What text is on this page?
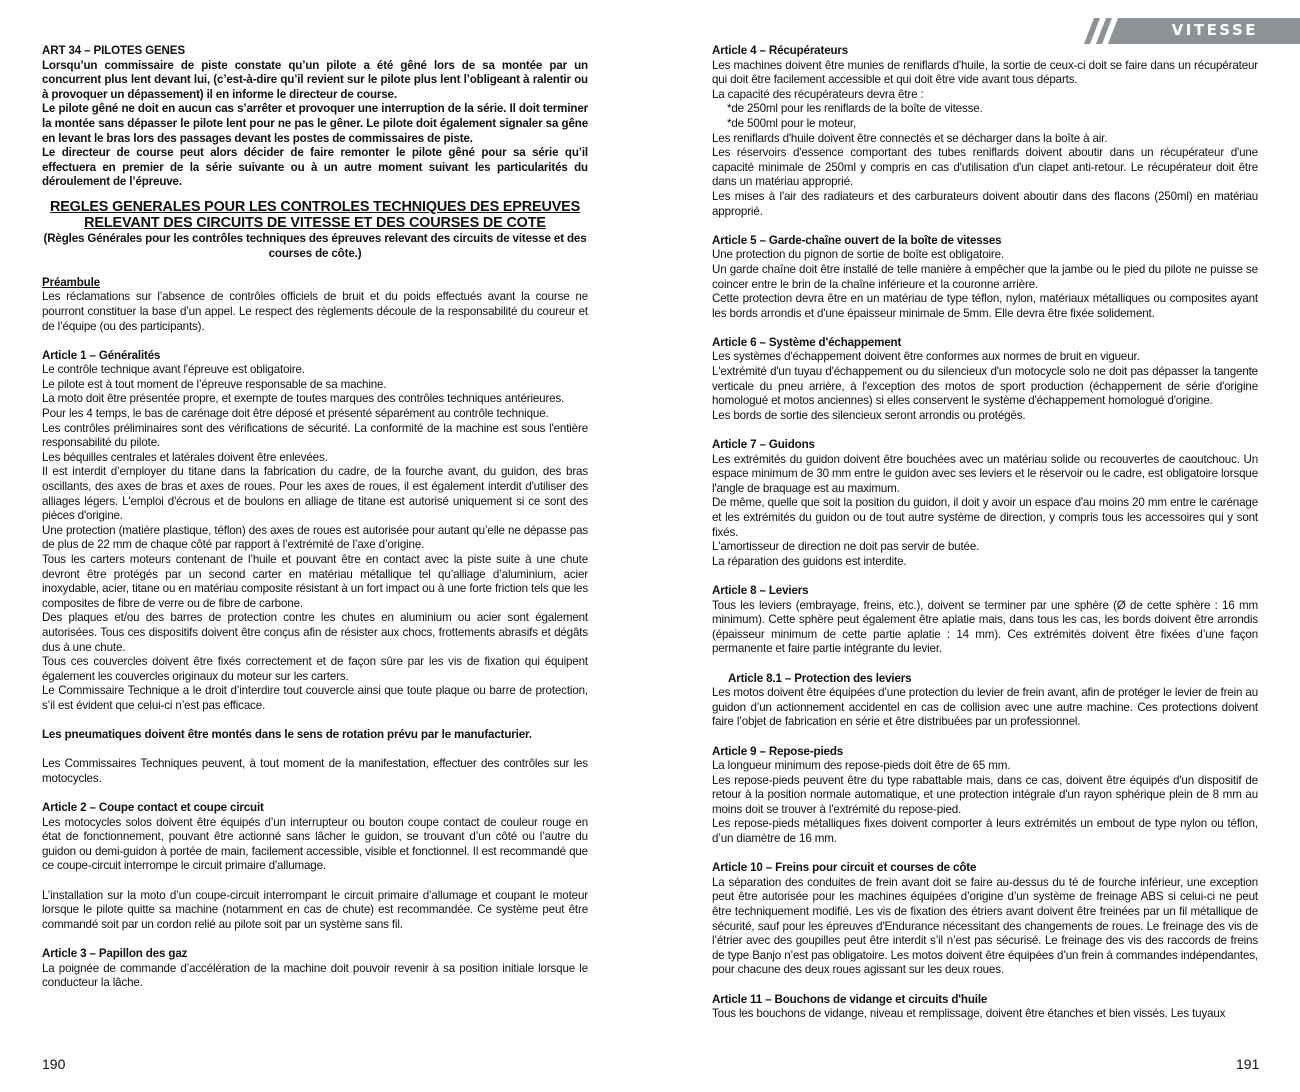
VITESSE

ART 34 – PILOTES GENES

Lorsqu’un commissaire de piste constate qu’un pilote a été gêné lors de sa montée par un concurrent plus lent devant lui, (c’est-à-dire qu’il revient sur le pilote plus lent l’obligeant à ralentir ou à provoquer un dépassement) il en informe le directeur de course.

Le pilote gêné ne doit en aucun cas s’arrêter et provoquer une interruption de la série. Il doit terminer la montée sans dépasser le pilote lent pour ne pas le gêner. Le pilote doit également signaler sa gêne en levant le bras lors des passages devant les postes de commissaires de piste.

Le directeur de course peut alors décider de faire remonter le pilote gêné pour sa série qu’il effectuera en premier de la série suivante ou à un autre moment suivant les particularités du déroulement de l’épreuve.

REGLES GENERALES POUR LES CONTROLES TECHNIQUES DES EPREUVES RELEVANT DES CIRCUITS DE VITESSE ET DES COURSES DE COTE
(Règles Générales pour les contrôles techniques des épreuves relevant des circuits de vitesse et des courses de côte.)

Préambule

Les réclamations sur l’absence de contrôles officiels de bruit et du poids effectués avant la course ne pourront constituer la base d’un appel. Le respect des règlements découle de la responsabilité du coureur et de l’équipe (ou des participants).

Article 1 – Généralités

Le contrôle technique avant l'épreuve est obligatoire.

Le pilote est à tout moment de l’épreuve responsable de sa machine.

La moto doit être présentée propre, et exempte de toutes marques des contrôles techniques antérieures.

Pour les 4 temps, le bas de carénage doit être déposé et présenté séparément au contrôle technique.

Les contrôles préliminaires sont des vérifications de sécurité. La conformité de la machine est sous l'entière responsabilité du pilote.

Les béquilles centrales et latérales doivent être enlevées.

Il est interdit d’employer du titane dans la fabrication du cadre, de la fourche avant, du guidon, des bras oscillants, des axes de bras et axes de roues. Pour les axes de roues, il est également interdit d'utiliser des alliages légers. L'emploi d'écrous et de boulons en alliage de titane est autorisé uniquement si ce sont des pièces d'origine.

Une protection (matière plastique, téflon) des axes de roues est autorisée pour autant qu’elle ne dépasse pas de plus de 22 mm de chaque côté par rapport à l’extrémité de l’axe d’origine.

Tous les carters moteurs contenant de l’huile et pouvant être en contact avec la piste suite à une chute devront être protégés par un second carter en matériau métallique tel qu’alliage d’aluminium, acier inoxydable, acier, titane ou en matériau composite résistant à un fort impact ou à une forte friction tels que les composites de fibre de verre ou de fibre de carbone.

Des plaques et/ou des barres de protection contre les chutes en aluminium ou acier sont également autorisées. Tous ces dispositifs doivent être conçus afin de résister aux chocs, frottements abrasifs et dégâts dus à une chute.

Tous ces couvercles doivent être fixés correctement et de façon sûre par les vis de fixation qui équipent également les couvercles originaux du moteur sur les carters.

Le Commissaire Technique a le droit d’interdire tout couvercle ainsi que toute plaque ou barre de protection, s’il est évident que celui-ci n’est pas efficace.

Les pneumatiques doivent être montés dans le sens de rotation prévu par le manufacturier.

Les Commissaires Techniques peuvent, à tout moment de la manifestation, effectuer des contrôles sur les motocycles.

Article 2 – Coupe contact et coupe circuit

Les motocycles solos doivent être équipés d’un interrupteur ou bouton coupe contact de couleur rouge en état de fonctionnement, pouvant être actionné sans lâcher le guidon, se trouvant d’un côté ou l’autre du guidon ou demi-guidon à portée de main, facilement accessible, visible et fonctionnel. Il est recommandé que ce coupe-circuit interrompe le circuit primaire d'allumage.

L’installation sur la moto d’un coupe-circuit interrompant le circuit primaire d’allumage et coupant le moteur lorsque le pilote quitte sa machine (notamment en cas de chute) est recommandée. Ce système peut être commandé soit par un cordon relié au pilote soit par un système sans fil.

Article 3 – Papillon des gaz

La poignée de commande d’accélération de la machine doit pouvoir revenir à sa position initiale lorsque le conducteur la lâche.

Article 4 – Récupérateurs

Les machines doivent être munies de reniflards d'huile, la sortie de ceux-ci doit se faire dans un récupérateur qui doit être facilement accessible et qui doit être vide avant tous départs.

La capacité des récupérateurs devra être :

*de 250ml pour les reniflards de la boîte de vitesse.

*de 500ml pour le moteur,

Les reniflards d'huile doivent être connectés et se décharger dans la boîte à air.

Les réservoirs d'essence comportant des tubes reniflards doivent aboutir dans un récupérateur d'une capacité minimale de 250ml y compris en cas d'utilisation d'un clapet anti-retour. Le récupérateur doit être dans un matériau approprié.

Les mises à l'air des radiateurs et des carburateurs doivent aboutir dans des flacons (250ml) en matériau approprié.

Article 5 – Garde-chaîne ouvert de la boîte de vitesses

Une protection du pignon de sortie de boîte est obligatoire.

Un garde chaîne doit être installé de telle manière à empêcher que la jambe ou le pied du pilote ne puisse se coincer entre le brin de la chaîne inférieure et la couronne arrière.

Cette protection devra être en un matériau de type téflon, nylon, matériaux métalliques ou composites ayant les bords arrondis et d'une épaisseur minimale de 5mm. Elle devra être fixée solidement.

Article 6 – Système d'échappement

Les systèmes d'échappement doivent être conformes aux normes de bruit en vigueur.

L'extrémité d'un tuyau d'échappement ou du silencieux d'un motocycle solo ne doit pas dépasser la tangente verticale du pneu arrière, à l'exception des motos de sport production (échappement de série d'origine homologué et motos anciennes) si elles conservent le système d'échappement homologué d'origine.

Les bords de sortie des silencieux seront arrondis ou protégés.

Article 7 – Guidons

Les extrémités du guidon doivent être bouchées avec un matériau solide ou recouvertes de caoutchouc. Un espace minimum de 30 mm entre le guidon avec ses leviers et le réservoir ou le cadre, est obligatoire lorsque l'angle de braquage est au maximum.

De même, quelle que soit la position du guidon, il doit y avoir un espace d'au moins 20 mm entre le carénage et les extrémités du guidon ou de tout autre système de direction, y compris tous les accessoires qui y sont fixés.

L'amortisseur de direction ne doit pas servir de butée.

La réparation des guidons est interdite.

Article 8 – Leviers

Tous les leviers (embrayage, freins, etc.), doivent se terminer par une sphère (Ø de cette sphère : 16 mm minimum). Cette sphère peut également être aplatie mais, dans tous les cas, les bords doivent être arrondis (épaisseur minimum de cette partie aplatie : 14 mm). Ces extrémités doivent être fixées d’une façon permanente et faire partie intégrante du levier.

Article 8.1 – Protection des leviers

Les motos doivent être équipées d’une protection du levier de frein avant, afin de protéger le levier de frein au guidon d’un actionnement accidentel en cas de collision avec une autre machine. Ces protections doivent faire l’objet de fabrication en série et être distribuées par un professionnel.

Article 9 – Repose-pieds

La longueur minimum des repose-pieds doit être de 65 mm.

Les repose-pieds peuvent être du type rabattable mais, dans ce cas, doivent être équipés d'un dispositif de retour à la position normale automatique, et une protection intégrale d'un rayon sphérique plein de 8 mm au moins doit se trouver à l'extrémité du repose-pied.

Les repose-pieds métalliques fixes doivent comporter à leurs extrémités un embout de type nylon ou téflon, d’un diamètre de 16 mm.

Article 10 – Freins pour circuit et courses de côte

La séparation des conduites de frein avant doit se faire au-dessus du té de fourche inférieur, une exception peut être autorisée pour les machines équipées d’origine d’un système de freinage ABS si celui-ci ne peut être techniquement modifié. Les vis de fixation des étriers avant doivent être freinées par un fil métallique de sécurité, sauf pour les épreuves d'Endurance nécessitant des changements de roues. Le freinage des vis de l’étrier avec des goupilles peut être interdit s’il n’est pas sécurisé. Le freinage des vis des raccords de freins de type Banjo n’est pas obligatoire. Les motos doivent être équipées d’un frein à commandes indépendantes, pour chacune des deux roues agissant sur les deux roues.

Article 11 – Bouchons de vidange et circuits d'huile

Tous les bouchons de vidange, niveau et remplissage, doivent être étanches et bien vissés. Les tuyaux

190	191
